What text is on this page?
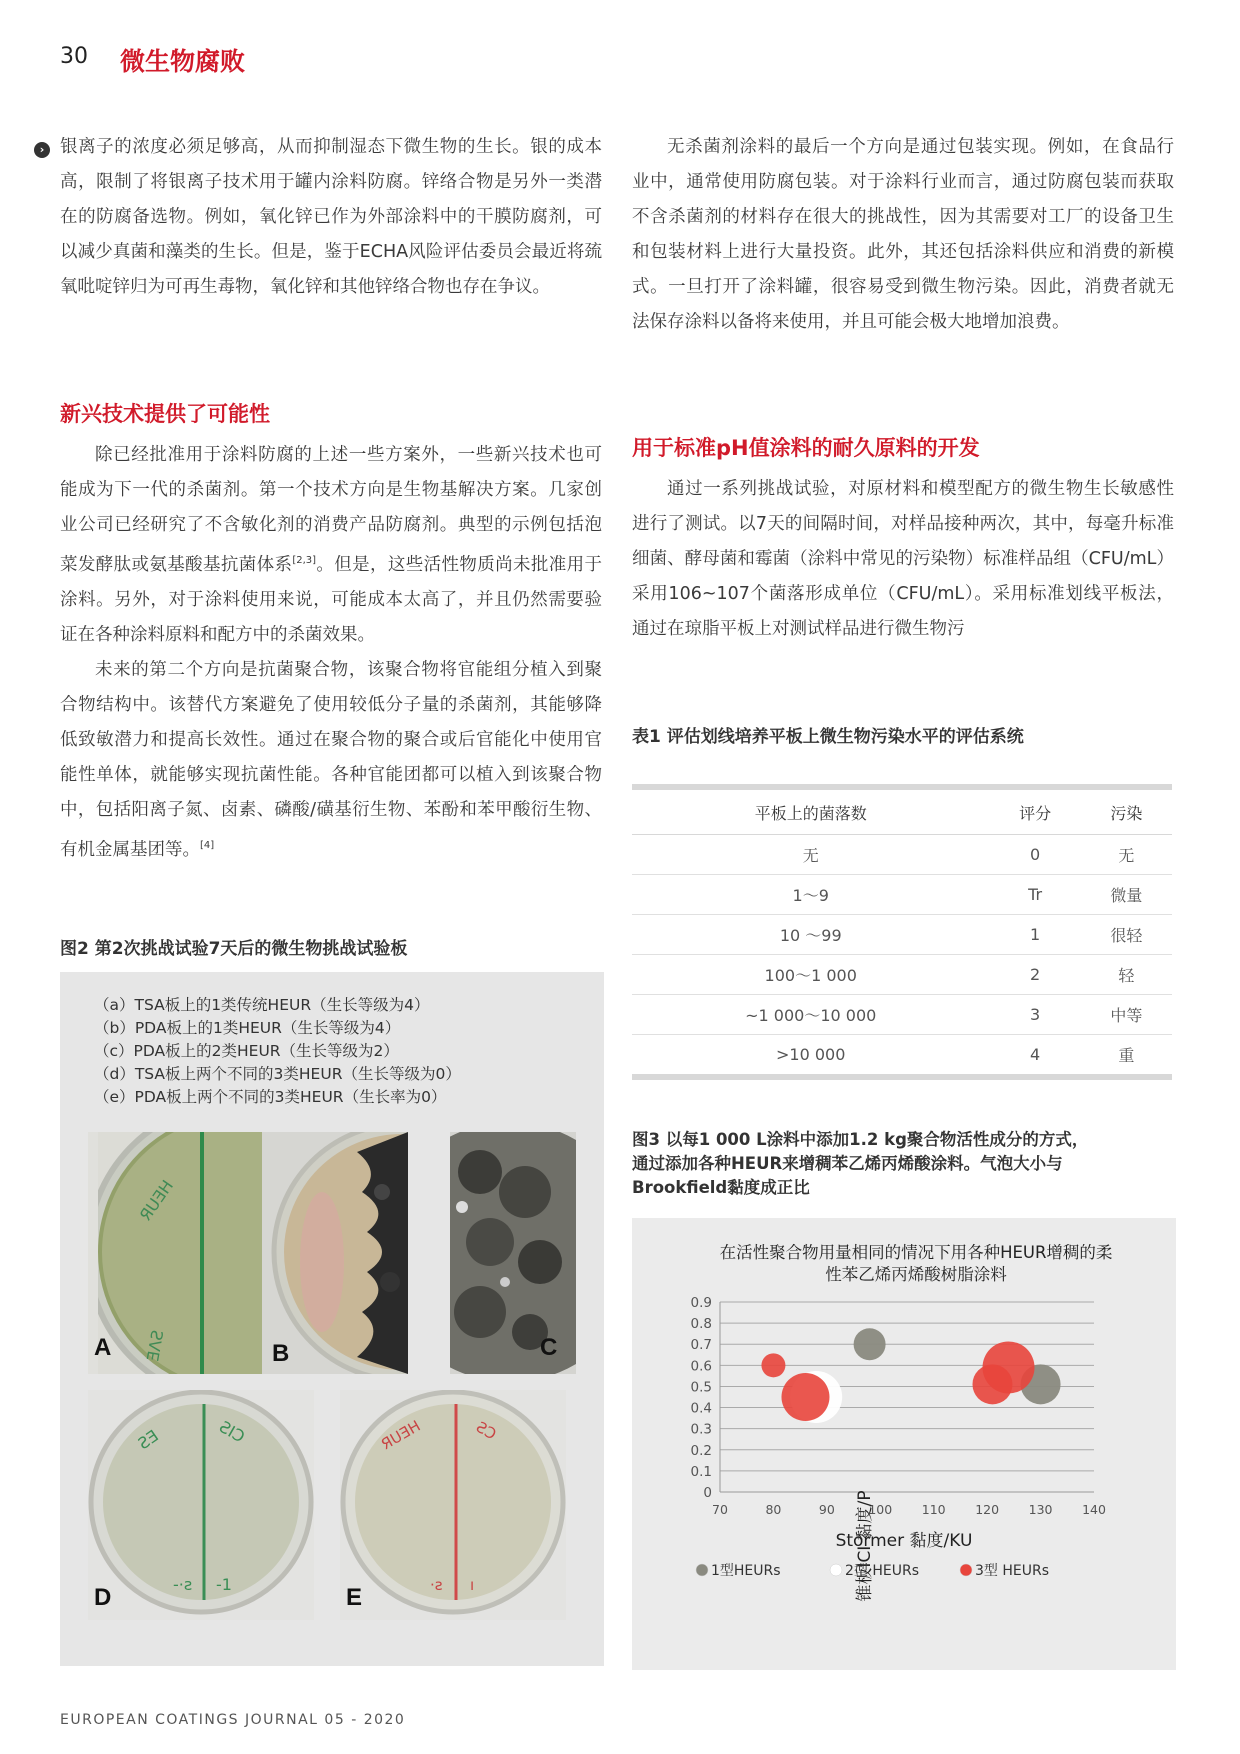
30 微生物腐败
› 银离子的浓度必须足够高，从而抑制湿态下微生物的生长。银的成本高，限制了将银离子技术用于罐内涂料防腐。锌络合物是另外一类潜在的防腐备选物。例如，氧化锌已作为外部涂料中的干膜防腐剂，可以减少真菌和藻类的生长。但是，鉴于ECHA风险评估委员会最近将巯氧吡啶锌归为可再生毒物，氧化锌和其他锌络合物也存在争议。

新兴技术提供了可能性

除已经批准用于涂料防腐的上述一些方案外，一些新兴技术也可能成为下一代的杀菌剂。第一个技术方向是生物基解决方案。几家创业公司已经研究了不含敏化剂的消费产品防腐剂。典型的示例包括泡菜发酵肽或氨基酸基抗菌体系[2,3]。但是，这些活性物质尚未批准用于涂料。另外，对于涂料使用来说，可能成本太高了，并且仍然需要验证在各种涂料原料和配方中的杀菌效果。

未来的第二个方向是抗菌聚合物，该聚合物将官能组分植入到聚合物结构中。该替代方案避免了使用较低分子量的杀菌剂，其能够降低致敏潜力和提高长效性。通过在聚合物的聚合或后官能化中使用官能性单体，就能够实现抗菌性能。各种官能团都可以植入到该聚合物中，包括阳离子氮、卤素、磷酸/磺基衍生物、苯酚和苯甲酸衍生物、有机金属基团等。[4]

图2 第2次挑战试验7天后的微生物挑战试验板
（a）TSA板上的1类传统HEUR（生长等级为4）
（b）PDA板上的1类HEUR（生长等级为4）
（c）PDA板上的2类HEUR（生长等级为2）
（d）TSA板上两个不同的3类HEUR（生长等级为0）
（e）PDA板上两个不同的3类HEUR（生长率为0）
ЯUƎH
ƎΛƧ
A	B	C
ƧƎ	ƧIƆ
-·ƨ -1
D
ЯUƎH	ƧƆ
·ƨ ı
E

无杀菌剂涂料的最后一个方向是通过包装实现。例如，在食品行业中，通常使用防腐包装。对于涂料行业而言，通过防腐包装而获取不含杀菌剂的材料存在很大的挑战性，因为其需要对工厂的设备卫生和包装材料上进行大量投资。此外，其还包括涂料供应和消费的新模式。一旦打开了涂料罐，很容易受到微生物污染。因此，消费者就无法保存涂料以备将来使用，并且可能会极大地增加浪费。

用于标准pH值涂料的耐久原料的开发

通过一系列挑战试验，对原材料和模型配方的微生物生长敏感性进行了测试。以7天的间隔时间，对样品接种两次，其中，每毫升标准细菌、酵母菌和霉菌（涂料中常见的污染物）标准样品组（CFU/mL）采用106~107个菌落形成单位（CFU/mL）。采用标准划线平板法，通过在琼脂平板上对测试样品进行微生物污

表1 评估划线培养平板上微生物污染水平的评估系统
平板上的菌落数	评分	污染
无	0	无
1～9	Tr	微量
10 ～99	1	很轻
100～1 000	2	轻
~1 000～10 000	3	中等
>10 000	4	重
图3 以每1 000 L涂料中添加1.2 kg聚合物活性成分的方式，
通过添加各种HEUR来增稠苯乙烯丙烯酸涂料。气泡大小与
Brookfield黏度成正比
在活性聚合物用量相同的情况下用各种HEUR增稠的柔
性苯乙烯丙烯酸树脂涂料
0
0.1
0.2
0.3
0.4
0.5
0.6
0.7
0.8
0.9
70	80	90	100 110 120 130 140
锥板ICI 黏度/P
1型HEURs	2型 HEURs	3型 HEURs
Stormer 黏度/KU
EUROPEAN COATINGS JOURNAL 05 - 2020
